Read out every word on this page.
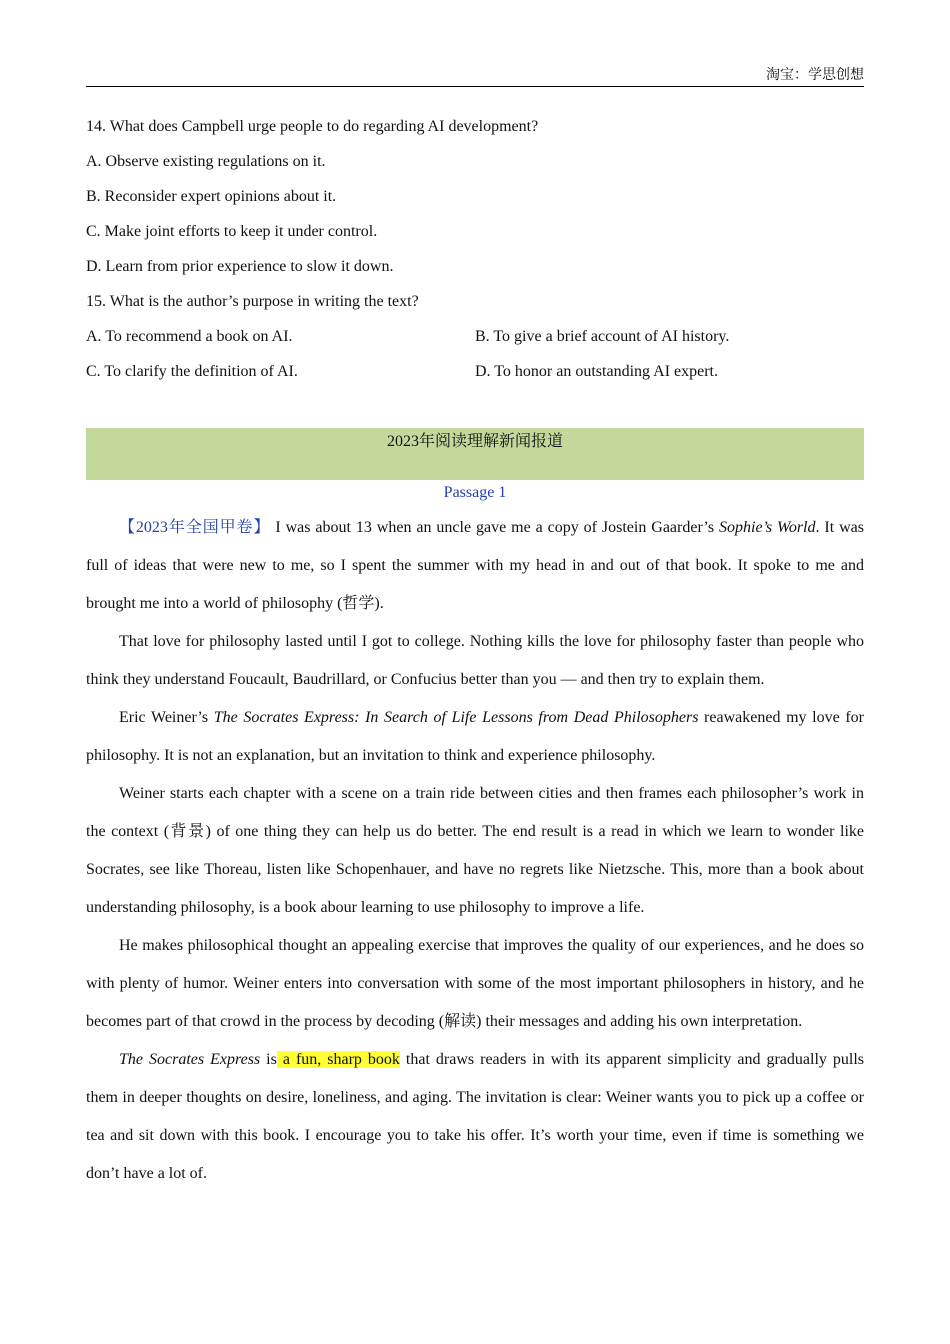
淘宝：学思创想
14. What does Campbell urge people to do regarding AI development?
A. Observe existing regulations on it.
B. Reconsider expert opinions about it.
C. Make joint efforts to keep it under control.
D. Learn from prior experience to slow it down.
15. What is the author’s purpose in writing the text?
A. To recommend a book on AI.	B. To give a brief account of AI history.
C. To clarify the definition of AI.	D. To honor an outstanding AI expert.
2023年阅读理解新闻报道
Passage 1

【2023年全国甲卷】 I was about 13 when an uncle gave me a copy of Jostein Gaarder’s Sophie’s World. It was full of ideas that were new to me, so I spent the summer with my head in and out of that book. It spoke to me and brought me into a world of philosophy (哲学).

That love for philosophy lasted until I got to college. Nothing kills the love for philosophy faster than people who think they understand Foucault, Baudrillard, or Confucius better than you — and then try to explain them.

Eric Weiner’s The Socrates Express: In Search of Life Lessons from Dead Philosophers reawakened my love for philosophy. It is not an explanation, but an invitation to think and experience philosophy.

Weiner starts each chapter with a scene on a train ride between cities and then frames each philosopher’s work in the context (背景) of one thing they can help us do better. The end result is a read in which we learn to wonder like Socrates, see like Thoreau, listen like Schopenhauer, and have no regrets like Nietzsche. This, more than a book about understanding philosophy, is a book abour learning to use philosophy to improve a life.

He makes philosophical thought an appealing exercise that improves the quality of our experiences, and he does so with plenty of humor. Weiner enters into conversation with some of the most important philosophers in history, and he becomes part of that crowd in the process by decoding (解读) their messages and adding his own interpretation.

The Socrates Express is a fun, sharp book that draws readers in with its apparent simplicity and gradually pulls them in deeper thoughts on desire, loneliness, and aging. The invitation is clear: Weiner wants you to pick up a coffee or tea and sit down with this book. I encourage you to take his offer. It’s worth your time, even if time is something we don’t have a lot of.
